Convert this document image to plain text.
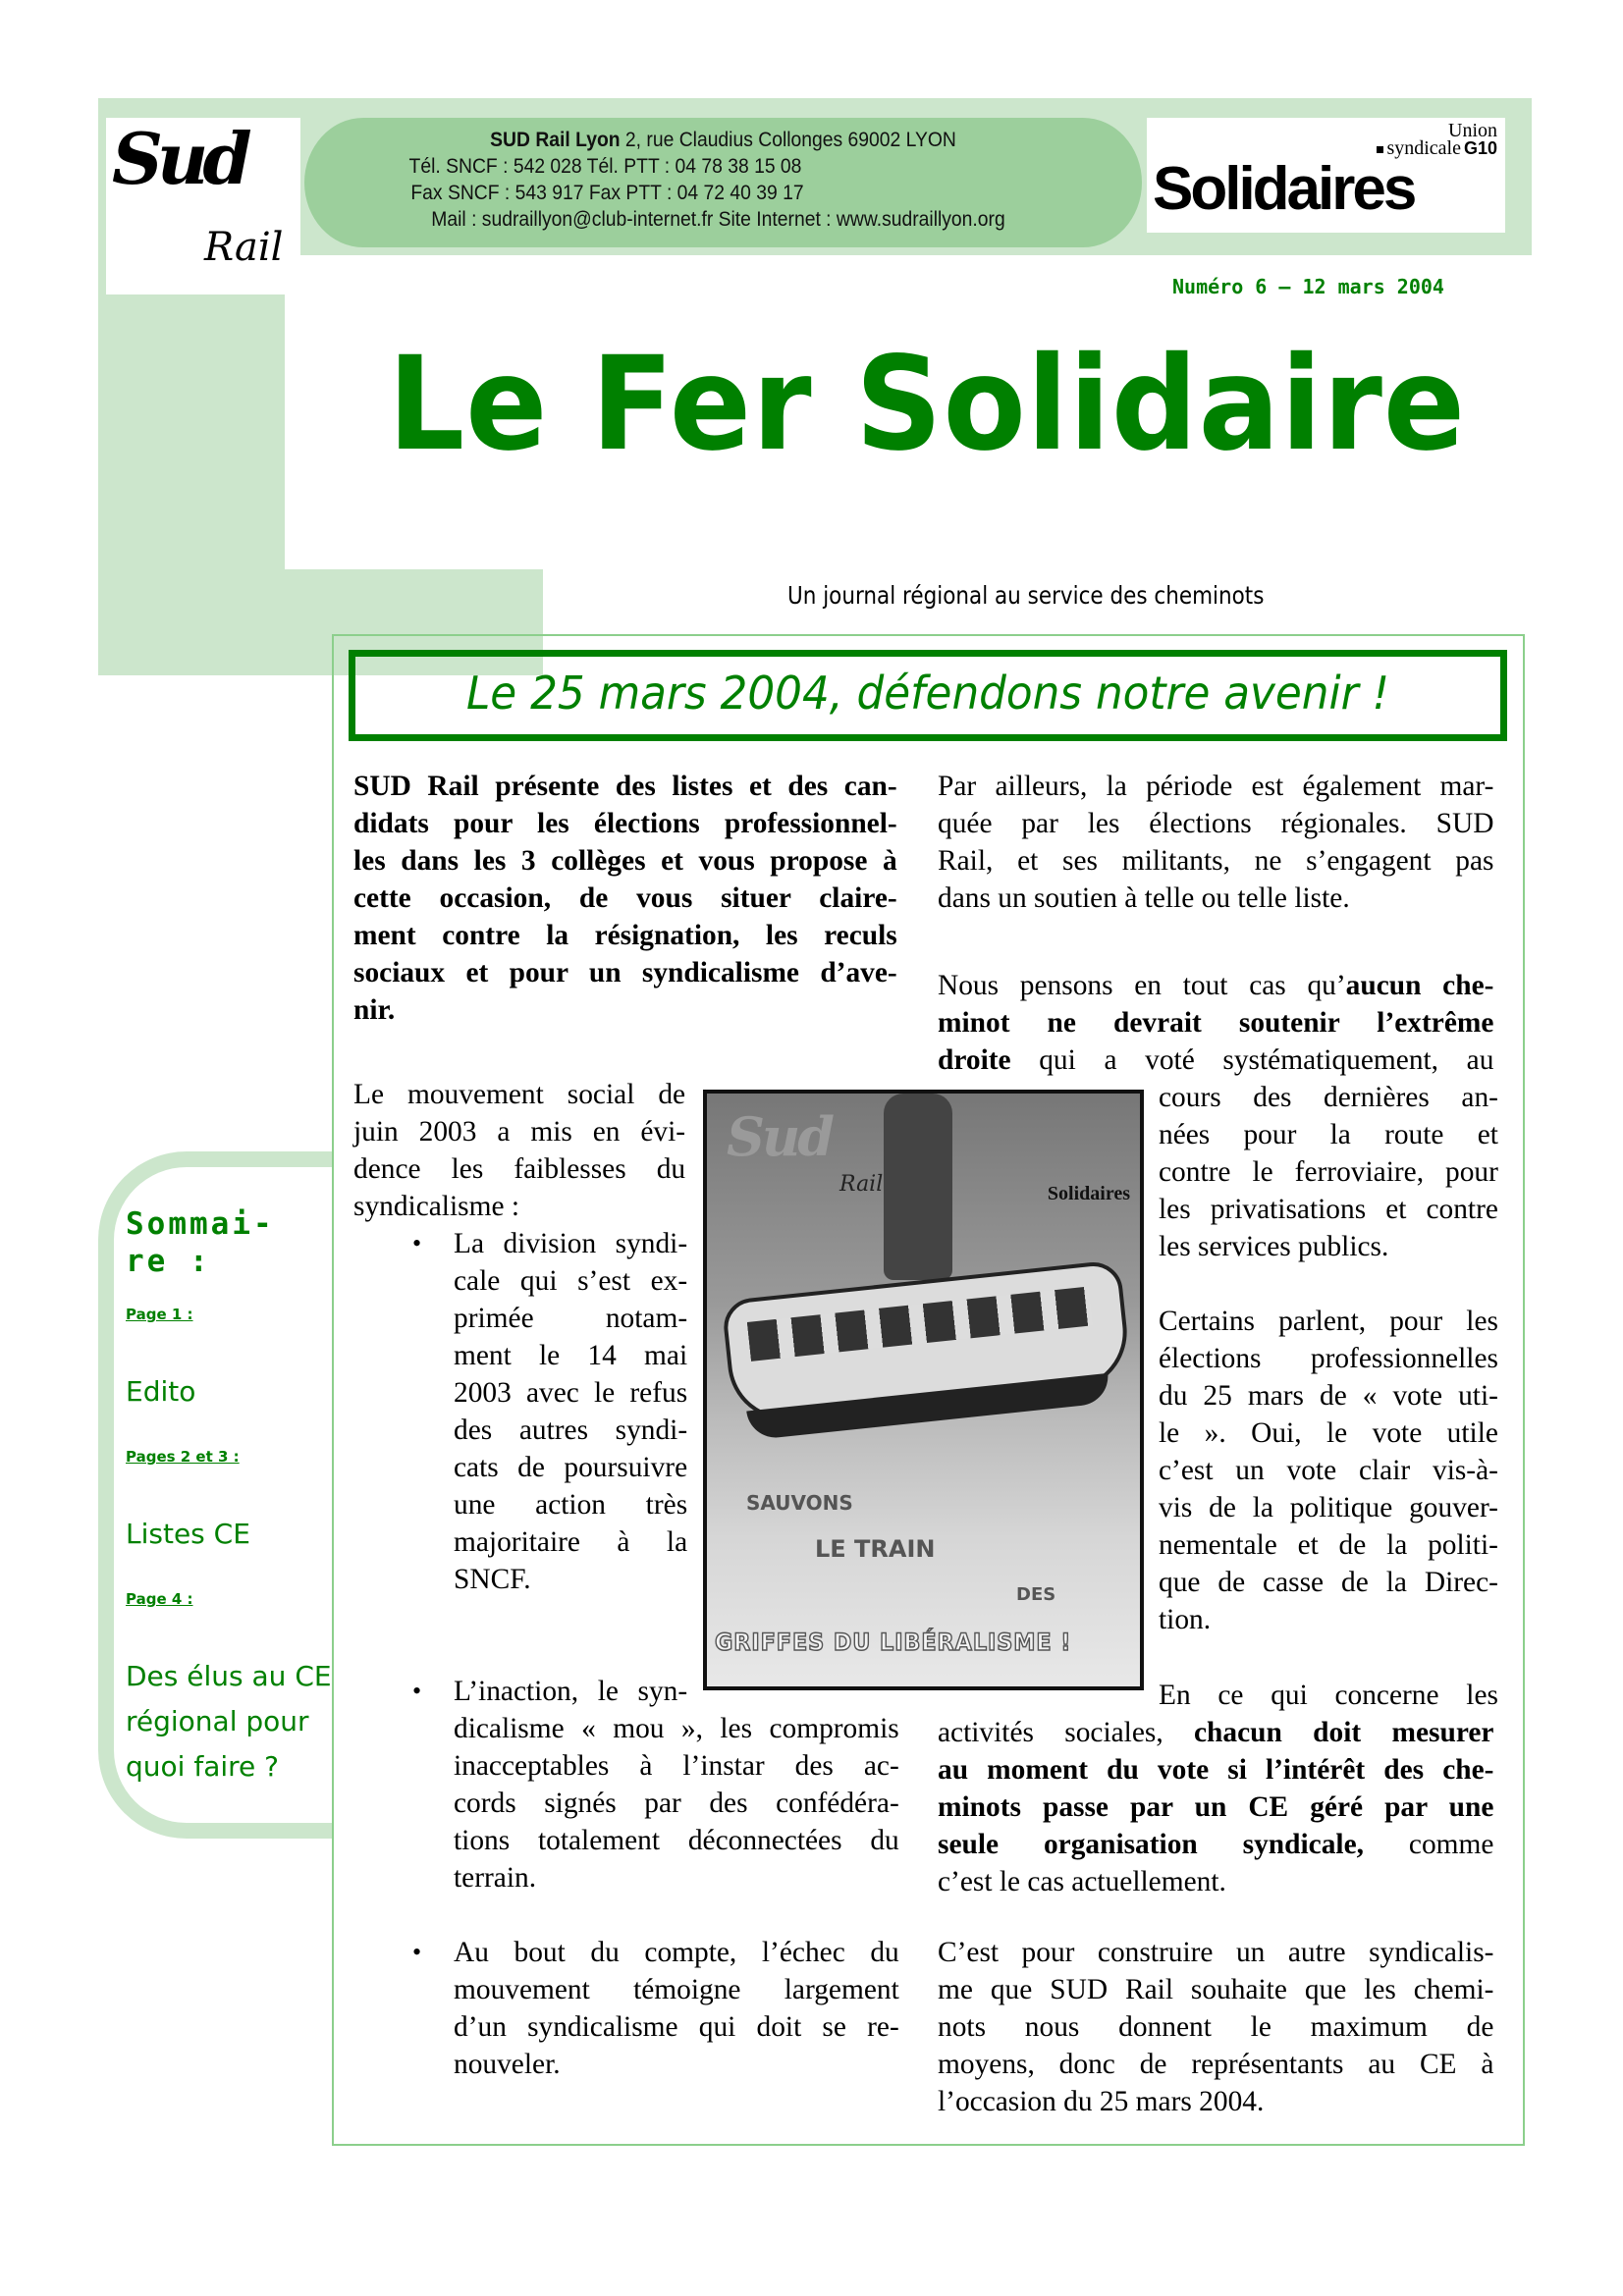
Sud
Rail
SUD Rail Lyon 2, rue Claudius Collonges 69002 LYON
Tél. SNCF : 542 028 Tél. PTT : 04 78 38 15 08
Fax SNCF : 543 917 Fax PTT : 04 72 40 39 17
Mail : sudraillyon@club-internet.fr Site Internet : www.sudraillyon.org	Solidaires
Union
syndicale G10
Numéro 6 – 12 mars 2004
Le Fer Solidaire
Un journal régional au service des cheminots
Sommai-
re :
Page 1 :
Edito
Pages 2 et 3 :
Listes CE
Page 4 :
Des élus au CE
régional pour
quoi faire ?
Le 25 mars 2004, défendons notre avenir !
SUD Rail présente des listes et des can-
didats pour les élections professionnel-
les dans les 3 collèges et vous propose à
cette occasion, de vous situer claire-
ment contre la résignation, les reculs
sociaux et pour un syndicalisme d’ave-
nir.
Le mouvement social de
juin 2003 a mis en évi-
dence les faiblesses du
syndicalisme :
La division syndi-
cale qui s’est ex-
primée notam-
ment le 14 mai
2003 avec le refus
des autres syndi-
cats de poursuivre
une action très
majoritaire à la
SNCF.
•
L’inaction, le syn-
dicalisme « mou », les compromis
inacceptables à l’instar des ac-
cords signés par des confédéra-
tions totalement déconnectées du
terrain.
•
Au bout du compte, l’échec du
mouvement témoigne largement
d’un syndicalisme qui doit se re-
nouveler.
•
Par ailleurs, la période est également mar-
quée par les élections régionales. SUD
Rail, et ses militants, ne s’engagent pas
dans un soutien à telle ou telle liste.
Nous pensons en tout cas qu’aucun che-
minot ne devrait soutenir l’extrême
droite qui a voté systématiquement, au
cours des dernières an-
nées pour la route et
contre le ferroviaire, pour
les privatisations et contre
les services publics.
Certains parlent, pour les
élections professionnelles
du 25 mars de « vote uti-
le ». Oui, le vote utile
c’est un vote clair vis-à-
vis de la politique gouver-
nementale et de la politi-
que de casse de la Direc-
tion.
En ce qui concerne les
activités sociales, chacun doit mesurer
au moment du vote si l’intérêt des che-
minots passe par un CE géré par une
seule organisation syndicale, comme
c’est le cas actuellement.
C’est pour construire un autre syndicalis-
me que SUD Rail souhaite que les chemi-
nots nous donnent le maximum de
moyens, donc de représentants au CE à
l’occasion du 25 mars 2004.
Sud
Rail	Solidaires
SAUVONS
LE TRAIN
DES
GRIFFES DU LIBÉRALISME !
